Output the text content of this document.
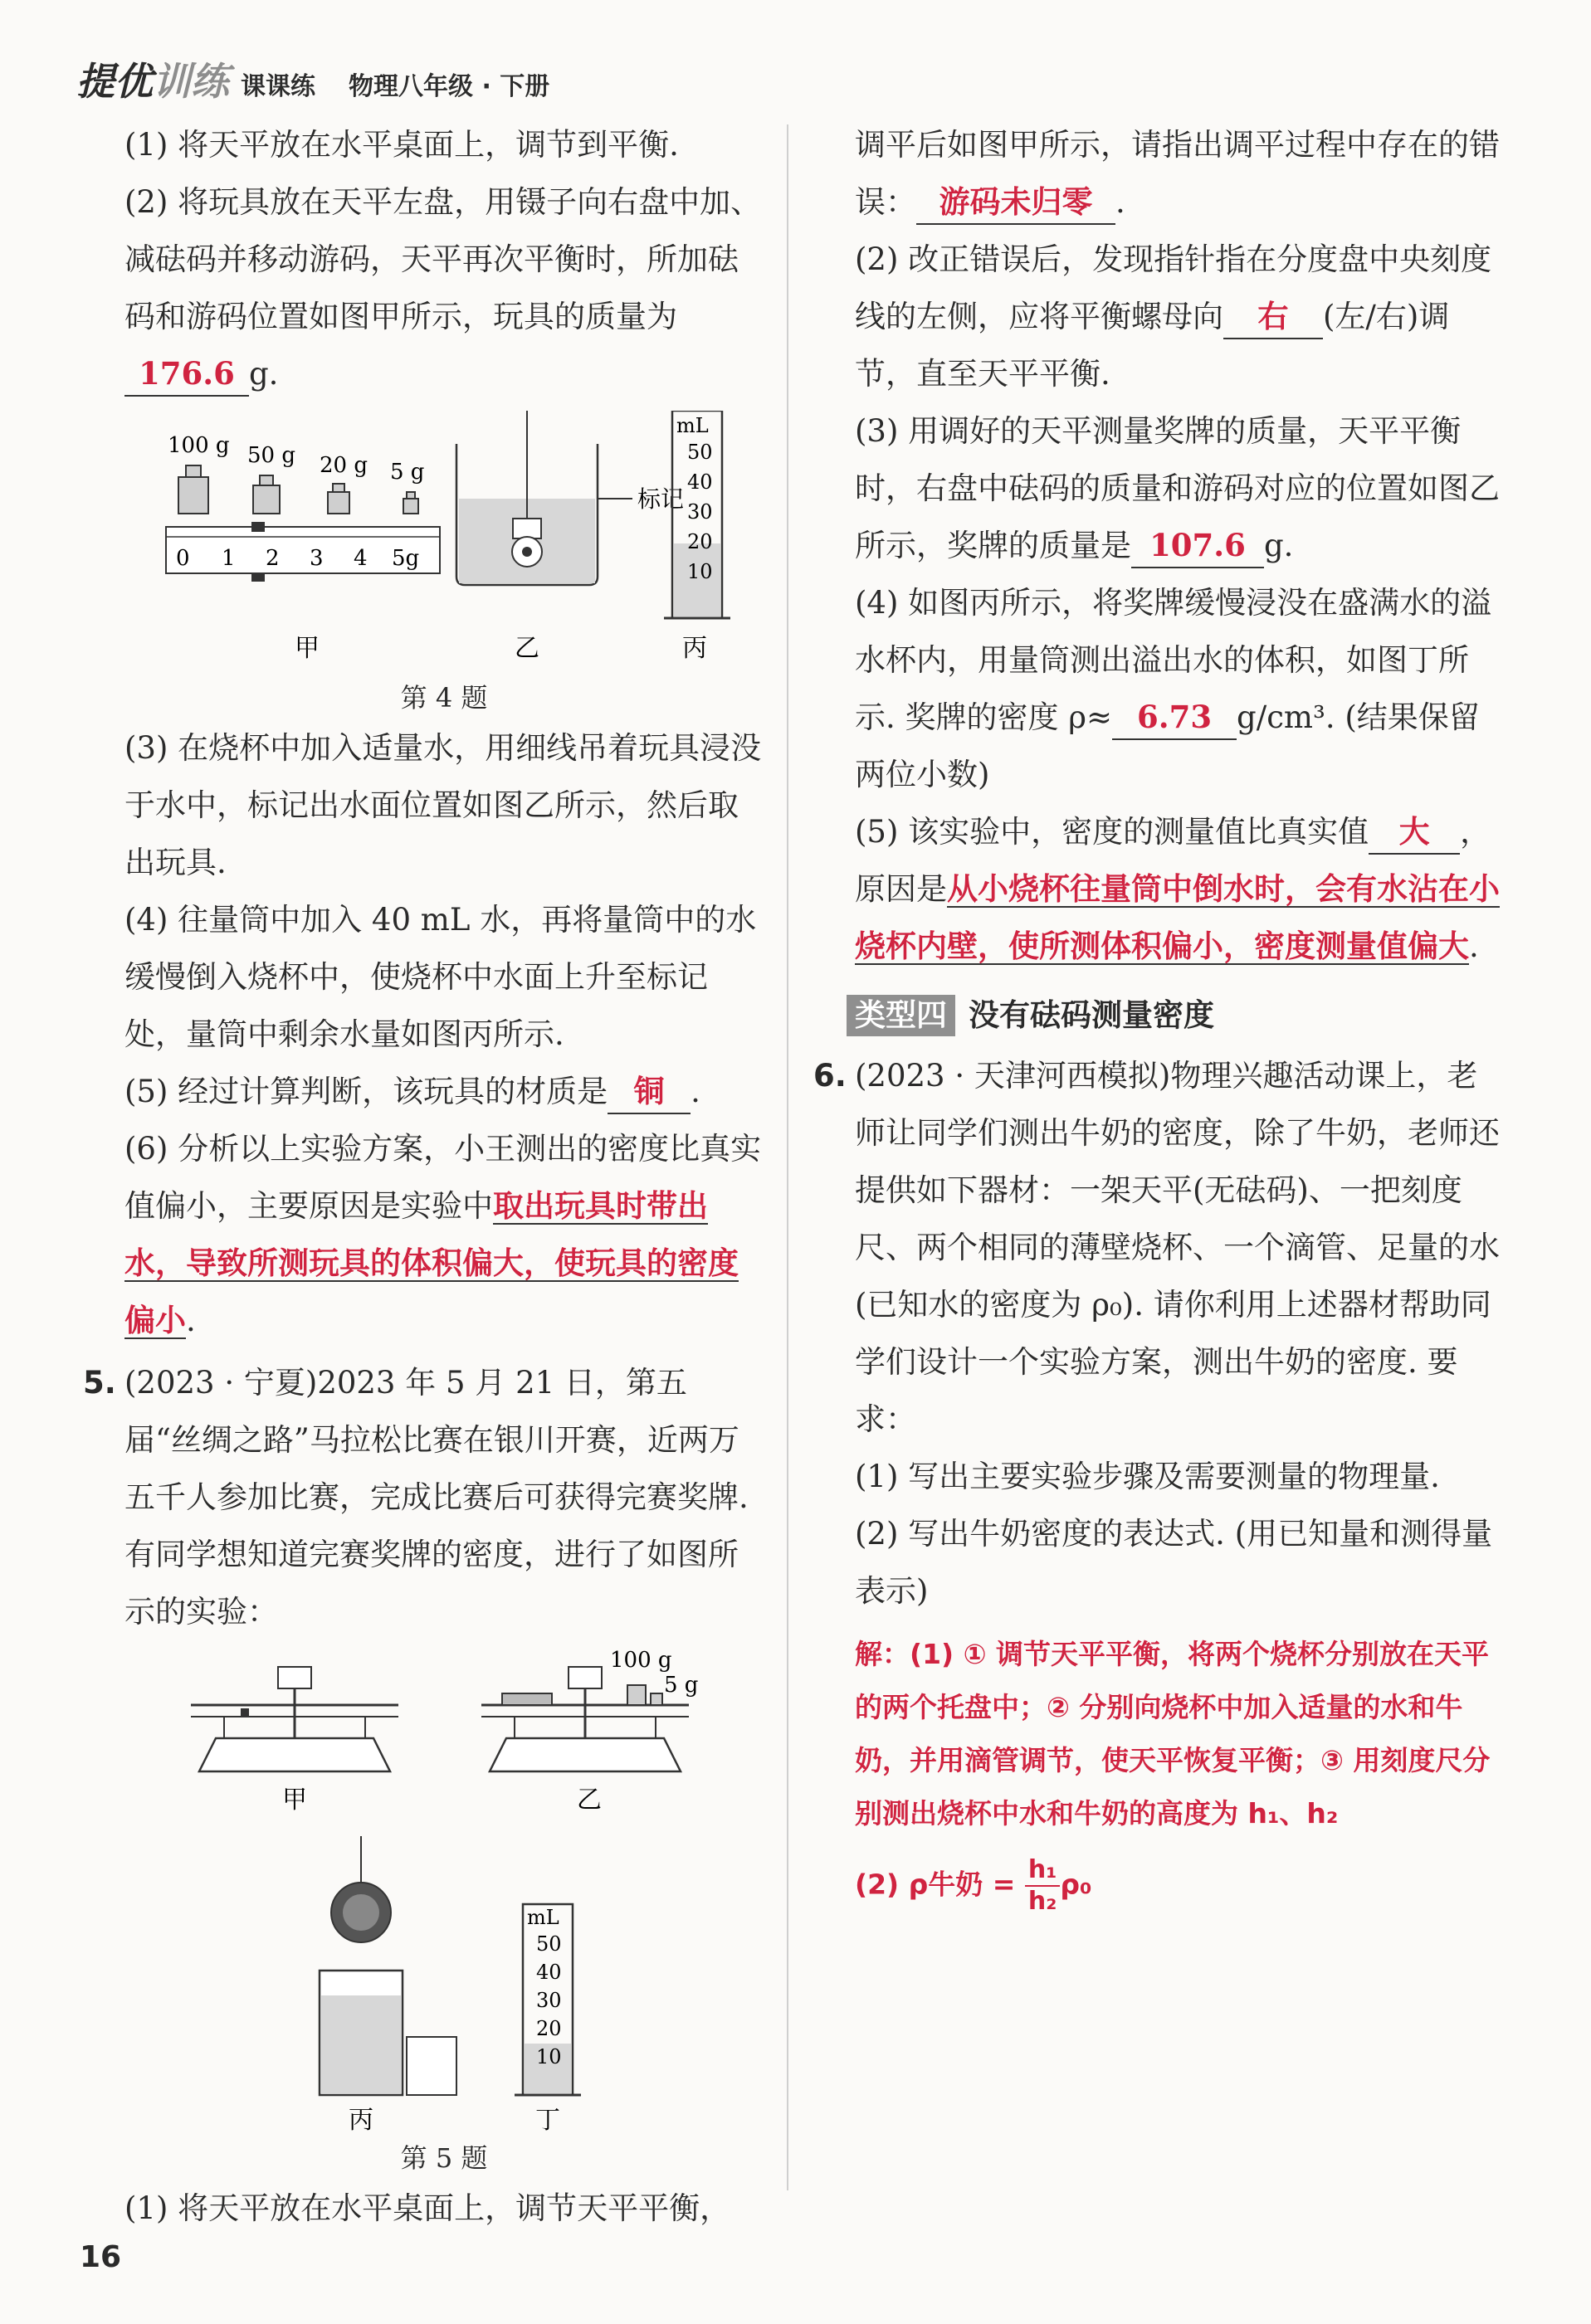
提优 训练 课课练 物理八年级 · 下册

(1) 将天平放在水平桌面上，调节到平衡.

(2) 将玩具放在天平左盘，用镊子向右盘中加、减砝码并移动游码，天平再次平衡时，所加砝码和游码位置如图甲所示，玩具的质量为176.6 g.

100 g 50 g 20 g 5 g
0 1 2 3 4 5g
标记
mL
50
40
30
20
10
甲	乙	丙
第 4 题

(3) 在烧杯中加入适量水，用细线吊着玩具浸没于水中，标记出水面位置如图乙所示，然后取出玩具.

(4) 往量筒中加入 40 mL 水，再将量筒中的水缓慢倒入烧杯中，使烧杯中水面上升至标记处，量筒中剩余水量如图丙所示.

(5) 经过计算判断，该玩具的材质是 铜 .

(6) 分析以上实验方案，小王测出的密度比真实值偏小，主要原因是实验中取出玩具时带出水，导致所测玩具的体积偏大，使玩具的密度偏小.

5. (2023 · 宁夏)2023 年 5 月 21 日，第五届“丝绸之路”马拉松比赛在银川开赛，近两万五千人参加比赛，完成比赛后可获得完赛奖牌. 有同学想知道完赛奖牌的密度，进行了如图所示的实验：

100 g
5 g
甲	乙
mL
50
40
30
20
10
丙	丁
第 5 题

(1) 将天平放在水平桌面上，调节天平平衡，

调平后如图甲所示，请指出调平过程中存在的错误： 游码未归零 .

(2) 改正错误后，发现指针指在分度盘中央刻度线的左侧，应将平衡螺母向 右 (左/右)调节，直至天平平衡.

(3) 用调好的天平测量奖牌的质量，天平平衡时，右盘中砝码的质量和游码对应的位置如图乙所示，奖牌的质量是 107.6 g.

(4) 如图丙所示，将奖牌缓慢浸没在盛满水的溢水杯内，用量筒测出溢出水的体积，如图丁所示. 奖牌的密度 ρ≈ 6.73 g/cm³. (结果保留两位小数)

(5) 该实验中，密度的测量值比真实值 大 ，原因是从小烧杯往量筒中倒水时，会有水沾在小烧杯内壁，使所测体积偏小，密度测量值偏大.

类型四 没有砝码测量密度

6. (2023 · 天津河西模拟)物理兴趣活动课上，老师让同学们测出牛奶的密度，除了牛奶，老师还提供如下器材：一架天平(无砝码)、一把刻度尺、两个相同的薄壁烧杯、一个滴管、足量的水(已知水的密度为 ρ₀). 请你利用上述器材帮助同学们设计一个实验方案，测出牛奶的密度. 要求：

(1) 写出主要实验步骤及需要测量的物理量.

(2) 写出牛奶密度的表达式. (用已知量和测得量表示)

解：(1) ① 调节天平平衡，将两个烧杯分别放在天平的两个托盘中；② 分别向烧杯中加入适量的水和牛奶，并用滴管调节，使天平恢复平衡；③ 用刻度尺分别测出烧杯中水和牛奶的高度为 h₁、h₂

(2) ρ牛奶 = $\frac{\text{h₁}}{\text{h₂}}\rho_0$

16
